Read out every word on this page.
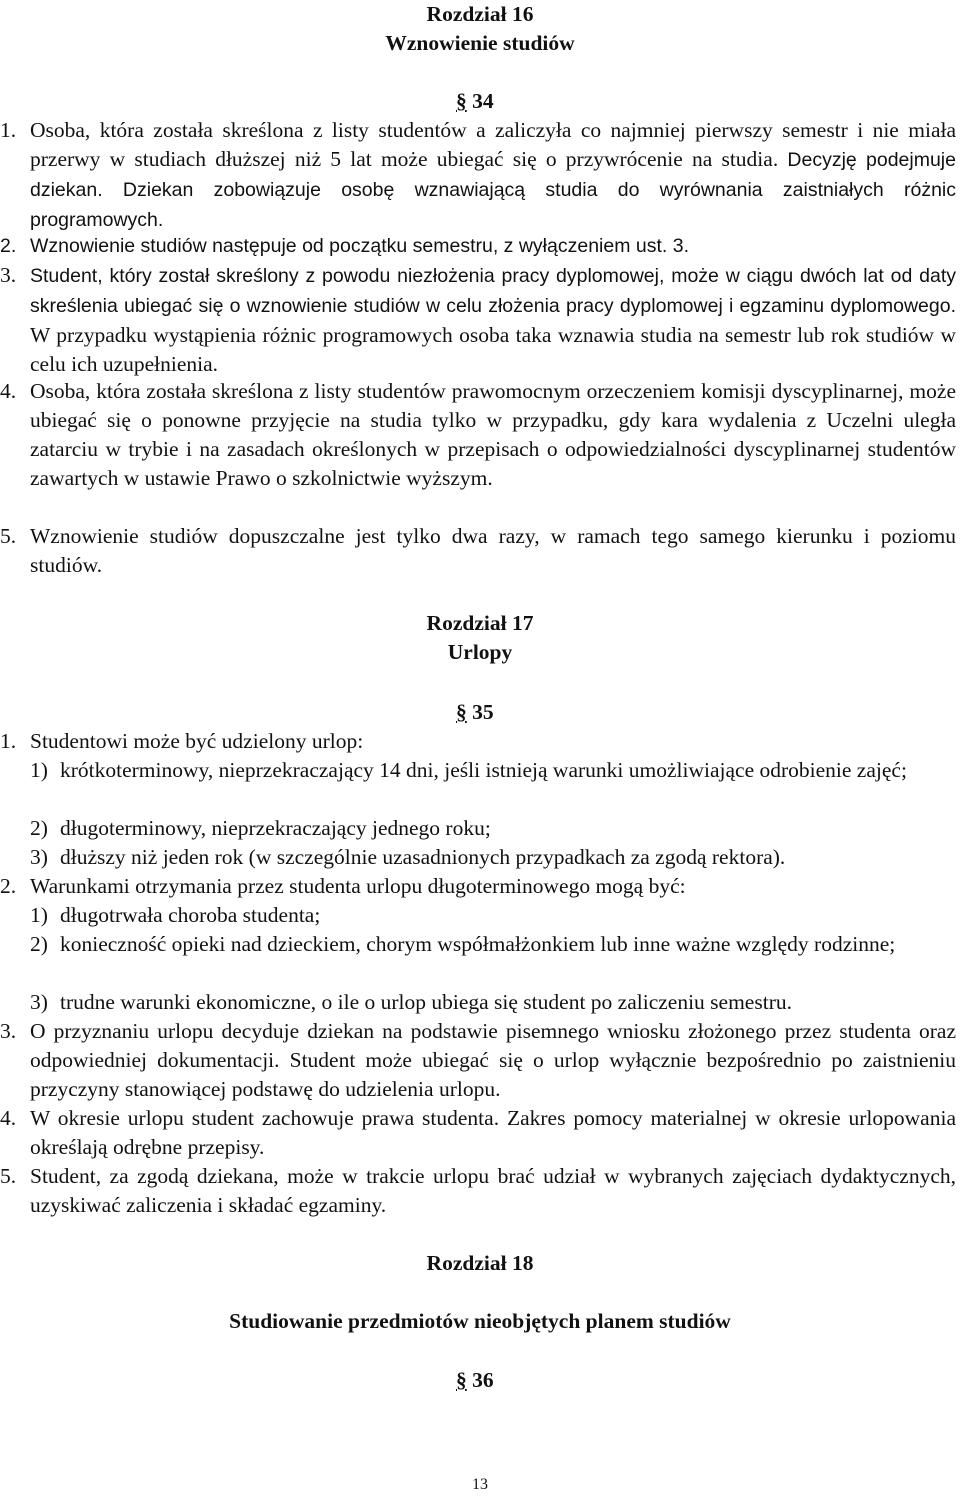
Rozdział 16
Wznowienie studiów
§ 34
1. Osoba, która została skreślona z listy studentów a zaliczyła co najmniej pierwszy semestr i nie miała przerwy w studiach dłuższej niż 5 lat może ubiegać się o przywrócenie na studia. Decyzję podejmuje dziekan. Dziekan zobowiązuje osobę wznawiającą studia do wyrównania zaistniałych różnic programowych.
2. Wznowienie studiów następuje od początku semestru, z wyłączeniem ust. 3.
3. Student, który został skreślony z powodu niezłożenia pracy dyplomowej, może w ciągu dwóch lat od daty skreślenia ubiegać się o wznowienie studiów w celu złożenia pracy dyplomowej i egzaminu dyplomowego. W przypadku wystąpienia różnic programowych osoba taka wznawia studia na semestr lub rok studiów w celu ich uzupełnienia.
4. Osoba, która została skreślona z listy studentów prawomocnym orzeczeniem komisji dyscyplinarnej, może ubiegać się o ponowne przyjęcie na studia tylko w przypadku, gdy kara wydalenia z Uczelni uległa zatarciu w trybie i na zasadach określonych w przepisach o odpowiedzialności dyscyplinarnej studentów zawartych w ustawie Prawo o szkolnictwie wyższym.
5. Wznowienie studiów dopuszczalne jest tylko dwa razy, w ramach tego samego kierunku i poziomu studiów.
Rozdział 17
Urlopy
§ 35
1. Studentowi może być udzielony urlop:
1) krótkoterminowy, nieprzekraczający 14 dni, jeśli istnieją warunki umożliwiające odrobienie zajęć;
2) długoterminowy, nieprzekraczający jednego roku;
3) dłuższy niż jeden rok (w szczególnie uzasadnionych przypadkach za zgodą rektora).
2. Warunkami otrzymania przez studenta urlopu długoterminowego mogą być:
1) długotrwała choroba studenta;
2) konieczność opieki nad dzieckiem, chorym współmałżonkiem lub inne ważne względy rodzinne;
3) trudne warunki ekonomiczne, o ile o urlop ubiega się student po zaliczeniu semestru.
3. O przyznaniu urlopu decyduje dziekan na podstawie pisemnego wniosku złożonego przez studenta oraz odpowiedniej dokumentacji. Student może ubiegać się o urlop wyłącznie bezpośrednio po zaistnieniu przyczyny stanowiącej podstawę do udzielenia urlopu.
4. W okresie urlopu student zachowuje prawa studenta. Zakres pomocy materialnej w okresie urlopowania określają odrębne przepisy.
5. Student, za zgodą dziekana, może w trakcie urlopu brać udział w wybranych zajęciach dydaktycznych, uzyskiwać zaliczenia i składać egzaminy.
Rozdział 18
Studiowanie przedmiotów nieobjętych planem studiów
§ 36
13
